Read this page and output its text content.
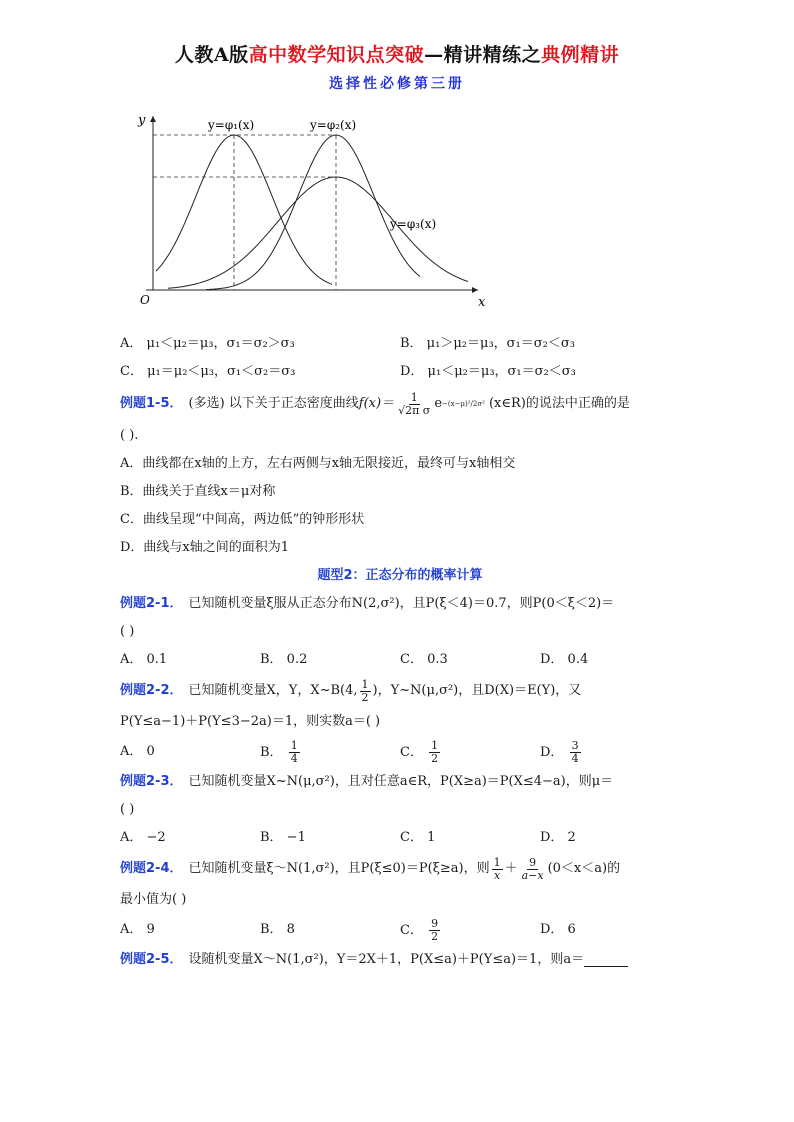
人教A版高中数学知识点突破—精讲精练之典例精讲
选择性必修第三册
y
x
O
y=φ₁(x)	y=φ₂(x)
y=φ₃(x)
A． μ₁＜μ₂＝μ₃，σ₁＝σ₂＞σ₃	B． μ₁＞μ₂＝μ₃，σ₁＝σ₂＜σ₃
C． μ₁＝μ₂＜μ₃，σ₁＜σ₂＝σ₃	D． μ₁＜μ₂＝μ₃，σ₁＝σ₂＜σ₃
例题1-5． (多选) 以下关于正态密度曲线 $f(x)= \frac{1}{\text{√2π σ}}$ e −(x−μ)²/2σ² (x∈R) 的说法中正确的是
( ).
A．曲线都在x轴的上方，左右两侧与x轴无限接近，最终可与x轴相交
B．曲线关于直线x＝μ对称
C．曲线呈现“中间高，两边低”的钟形形状
D．曲线与x轴之间的面积为1
题型2：正态分布的概率计算
例题2-1． 已知随机变量ξ服从正态分布N(2,σ²)，且P(ξ＜4)＝0.7，则P(0＜ξ＜2)＝
( )
A． 0.1	B． 0.2	C． 0.3	D． 0.4
例题2-2． 已知随机变量X，Y，X~B(4, $\frac{1}{2}$ )，Y~N(μ,σ²)，且D(X)＝E(Y)，又
P(Y≤a−1)＋P(Y≤3−2a)＝1，则实数a＝( )
A． 0	B． $\frac{1}{4}$	C． $\frac{1}{2}$	D． $\frac{3}{4}$
例题2-3． 已知随机变量X~N(μ,σ²)，且对任意a∈R，P(X≥a)＝P(X≤4−a)，则μ＝
( )
A． −2	B． −1	C． 1	D． 2
例题2-4． 已知随机变量ξ～N(1,σ²)，且P(ξ≤0)＝P(ξ≥a)，则 $\frac{1}{x} + \frac{9}{a-x} (0<x<a)$的
最小值为( )
A． 9	B． 8	C． $\frac{9}{2}$	D． 6
例题2-5． 设随机变量X～N(1,σ²)，Y＝2X＋1，P(X≤a)＋P(Y≤a)＝1，则a＝
